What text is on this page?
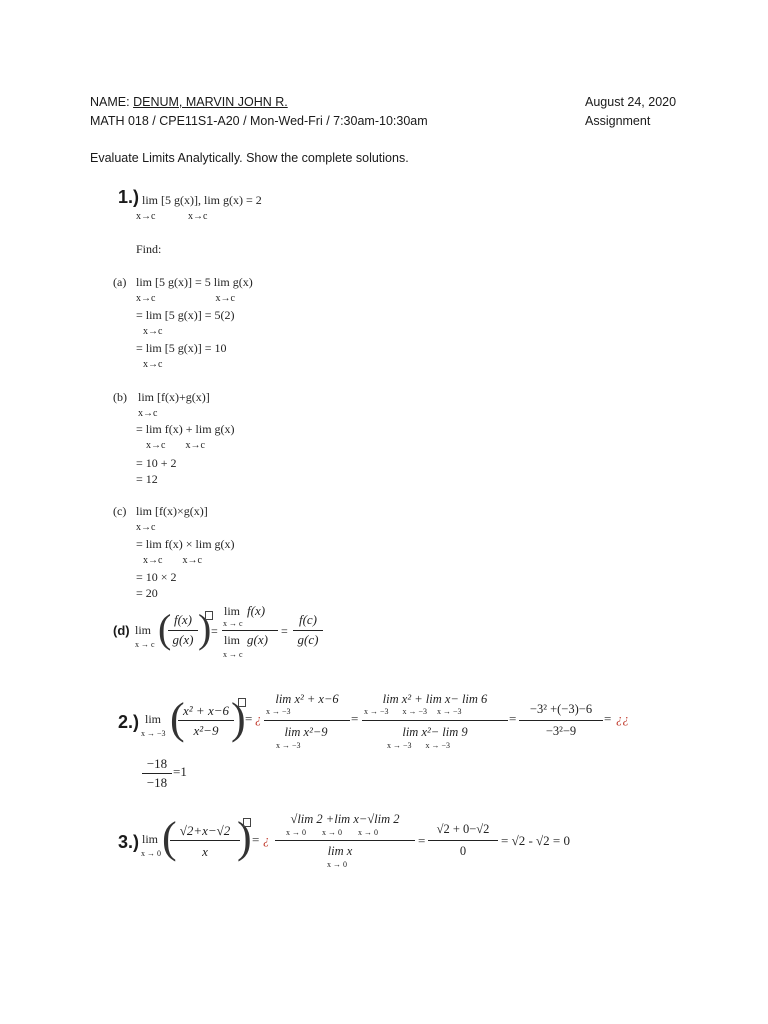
NAME: DENUM, MARVIN JOHN R.	August 24, 2020
MATH 018 / CPE11S1-A20 / Mon-Wed-Fri / 7:30am-10:30am	Assignment
Evaluate Limits Analytically. Show the complete solutions.
1.) lim [5 g(x)], lim g(x) = 2
x→c             x→c
Find:
(a) lim [5 g(x)] = 5 lim g(x)
x→c                        x→c
= lim [5 g(x)] = 5(2)
x→c
= lim [5 g(x)] = 10
x→c
(b) lim [f(x)+g(x)]
x→c
= lim f(x) + lim g(x)
x→c        x→c
= 10 + 2
= 12
(c) lim [f(x)×g(x)]
x→c
= lim f(x) × lim g(x)
x→c        x→c
= 10 × 2
= 20
(d) lim
x → c ( f(x)
g(x) ) =
lim
x → c
f(x)
lim
x → c
g(x)
=
f(c)
g(c)
2.) lim
x → −3 (
x² + x−6
x²−9 ) = ¿
lim x² + x−6
x → −3
lim x²−9
x → −3
=
lim x² + lim x− lim 6
x → −3       x → −3     x → −3
lim x²− lim 9
x → −3       x → −3
=
−3² +(−3)−6
−3²−9
= ¿¿
−18
−18
=1
3.) lim
x → 0 ( √2+x−√2
x ) = ¿
√lim 2 +lim x−√lim 2
x → 0        x → 0        x → 0
lim x
x → 0
=
√2 + 0−√2
0
= √2 - √2 = 0
